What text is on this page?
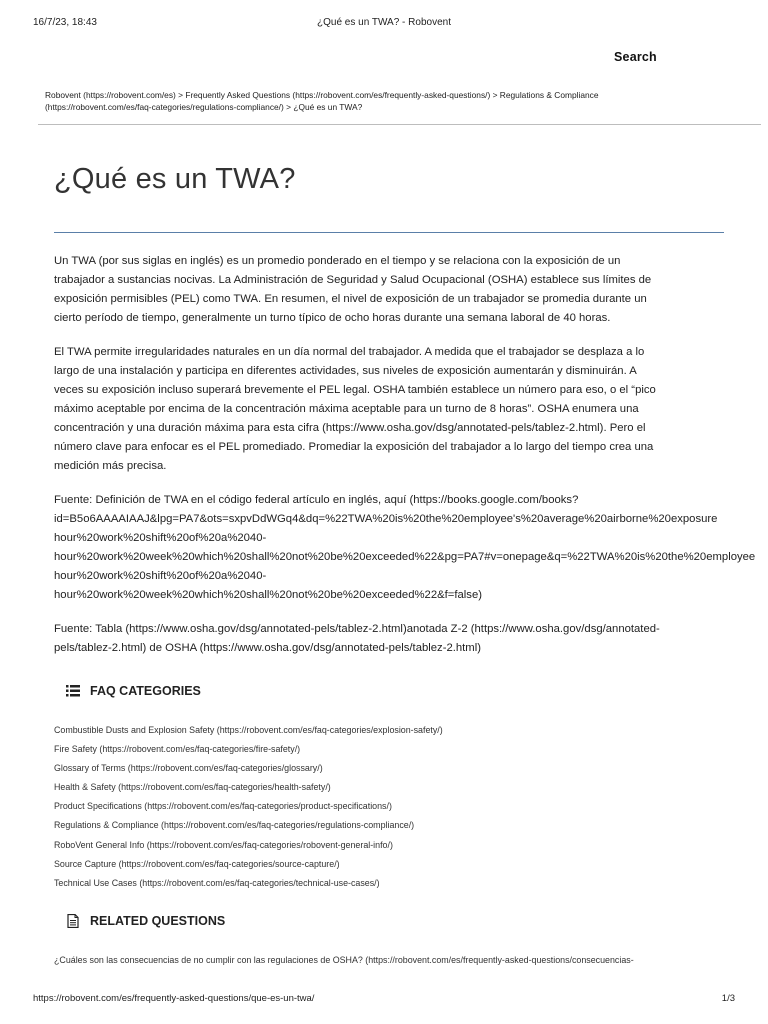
16/7/23, 18:43	¿Qué es un TWA? - Robovent
Search
Robovent (https://robovent.com/es) > Frequently Asked Questions (https://robovent.com/es/frequently-asked-questions/) > Regulations & Compliance
(https://robovent.com/es/faq-categories/regulations-compliance/) > ¿Qué es un TWA?
¿Qué es un TWA?

Un TWA (por sus siglas en inglés) es un promedio ponderado en el tiempo y se relaciona con la exposición de un
trabajador a sustancias nocivas. La Administración de Seguridad y Salud Ocupacional (OSHA) establece sus límites de
exposición permisibles (PEL) como TWA. En resumen, el nivel de exposición de un trabajador se promedia durante un
cierto período de tiempo, generalmente un turno típico de ocho horas durante una semana laboral de 40 horas.

El TWA permite irregularidades naturales en un día normal del trabajador. A medida que el trabajador se desplaza a lo
largo de una instalación y participa en diferentes actividades, sus niveles de exposición aumentarán y disminuirán. A
veces su exposición incluso superará brevemente el PEL legal. OSHA también establece un número para eso, o el “pico
máximo aceptable por encima de la concentración máxima aceptable para un turno de 8 horas”. OSHA enumera una
concentración y una duración máxima para esta cifra (https://www.osha.gov/dsg/annotated-pels/tablez-2.html). Pero el
número clave para enfocar es el PEL promediado. Promediar la exposición del trabajador a lo largo del tiempo crea una
medición más precisa.

Fuente: Definición de TWA en el código federal artículo en inglés, aquí (https://books.google.com/books?
id=B5o6AAAAIAAJ&lpg=PA7&ots=sxpvDdWGq4&dq=%22TWA%20is%20the%20employee's%20average%20airborne%20exposure
hour%20work%20shift%20of%20a%2040-
hour%20work%20week%20which%20shall%20not%20be%20exceeded%22&pg=PA7#v=onepage&q=%22TWA%20is%20the%20employee
hour%20work%20shift%20of%20a%2040-
hour%20work%20week%20which%20shall%20not%20be%20exceeded%22&f=false)

Fuente: Tabla (https://www.osha.gov/dsg/annotated-pels/tablez-2.html)anotada Z-2 (https://www.osha.gov/dsg/annotated-
pels/tablez-2.html) de OSHA (https://www.osha.gov/dsg/annotated-pels/tablez-2.html)

FAQ CATEGORIES
Combustible Dusts and Explosion Safety (https://robovent.com/es/faq-categories/explosion-safety/)
Fire Safety (https://robovent.com/es/faq-categories/fire-safety/)
Glossary of Terms (https://robovent.com/es/faq-categories/glossary/)
Health & Safety (https://robovent.com/es/faq-categories/health-safety/)
Product Specifications (https://robovent.com/es/faq-categories/product-specifications/)
Regulations & Compliance (https://robovent.com/es/faq-categories/regulations-compliance/)
RoboVent General Info (https://robovent.com/es/faq-categories/robovent-general-info/)
Source Capture (https://robovent.com/es/faq-categories/source-capture/)
Technical Use Cases (https://robovent.com/es/faq-categories/technical-use-cases/)
RELATED QUESTIONS
¿Cuáles son las consecuencias de no cumplir con las regulaciones de OSHA? (https://robovent.com/es/frequently-asked-questions/consecuencias-
https://robovent.com/es/frequently-asked-questions/que-es-un-twa/	1/3
